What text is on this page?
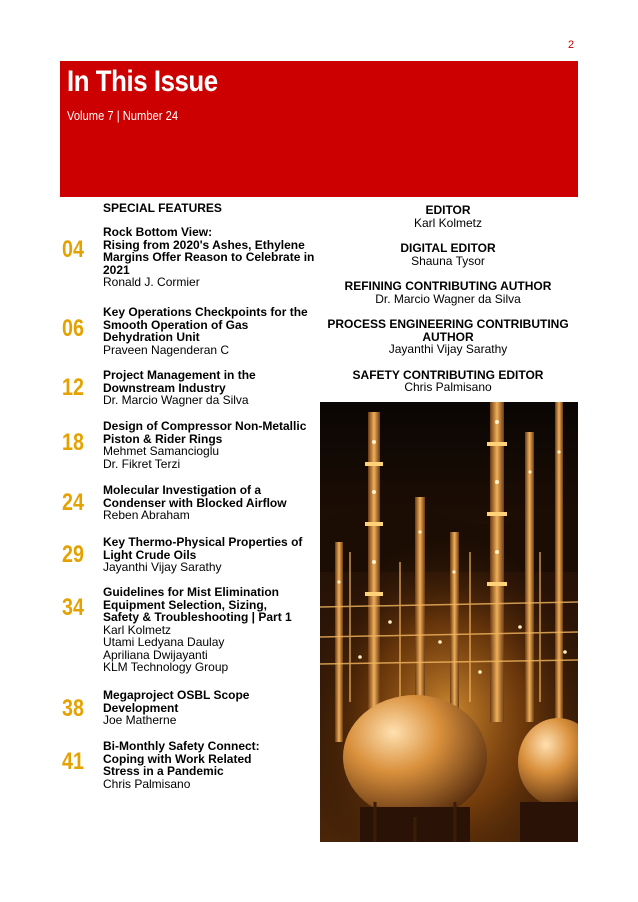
2
In This Issue
Volume 7 | Number 24
SPECIAL FEATURES
04
Rock Bottom View:
Rising from 2020's Ashes, Ethylene
Margins Offer Reason to Celebrate in
2021
Ronald J. Cormier
06
Key Operations Checkpoints for the
Smooth Operation of Gas
Dehydration Unit
Praveen Nagenderan C
12 Project Management in the
Downstream Industry
Dr. Marcio Wagner da Silva
18
Design of Compressor Non-Metallic
Piston & Rider Rings
Mehmet Samancioglu
Dr. Fikret Terzi
24 Molecular Investigation of a
Condenser with Blocked Airflow
Reben Abraham
29 Key Thermo-Physical Properties of
Light Crude Oils
Jayanthi Vijay Sarathy
34
Guidelines for Mist Elimination
Equipment Selection, Sizing,
Safety & Troubleshooting | Part 1
Karl Kolmetz
Utami Ledyana Daulay
Apriliana Dwijayanti
KLM Technology Group
38 Megaproject OSBL Scope
Development
Joe Matherne
41
Bi-Monthly Safety Connect:
Coping with Work Related
Stress in a Pandemic
Chris Palmisano
EDITOR
Karl Kolmetz
DIGITAL EDITOR
Shauna Tysor
REFINING CONTRIBUTING AUTHOR
Dr. Marcio Wagner da Silva
PROCESS ENGINEERING CONTRIBUTING
AUTHOR
Jayanthi Vijay Sarathy
SAFETY CONTRIBUTING EDITOR
Chris Palmisano
